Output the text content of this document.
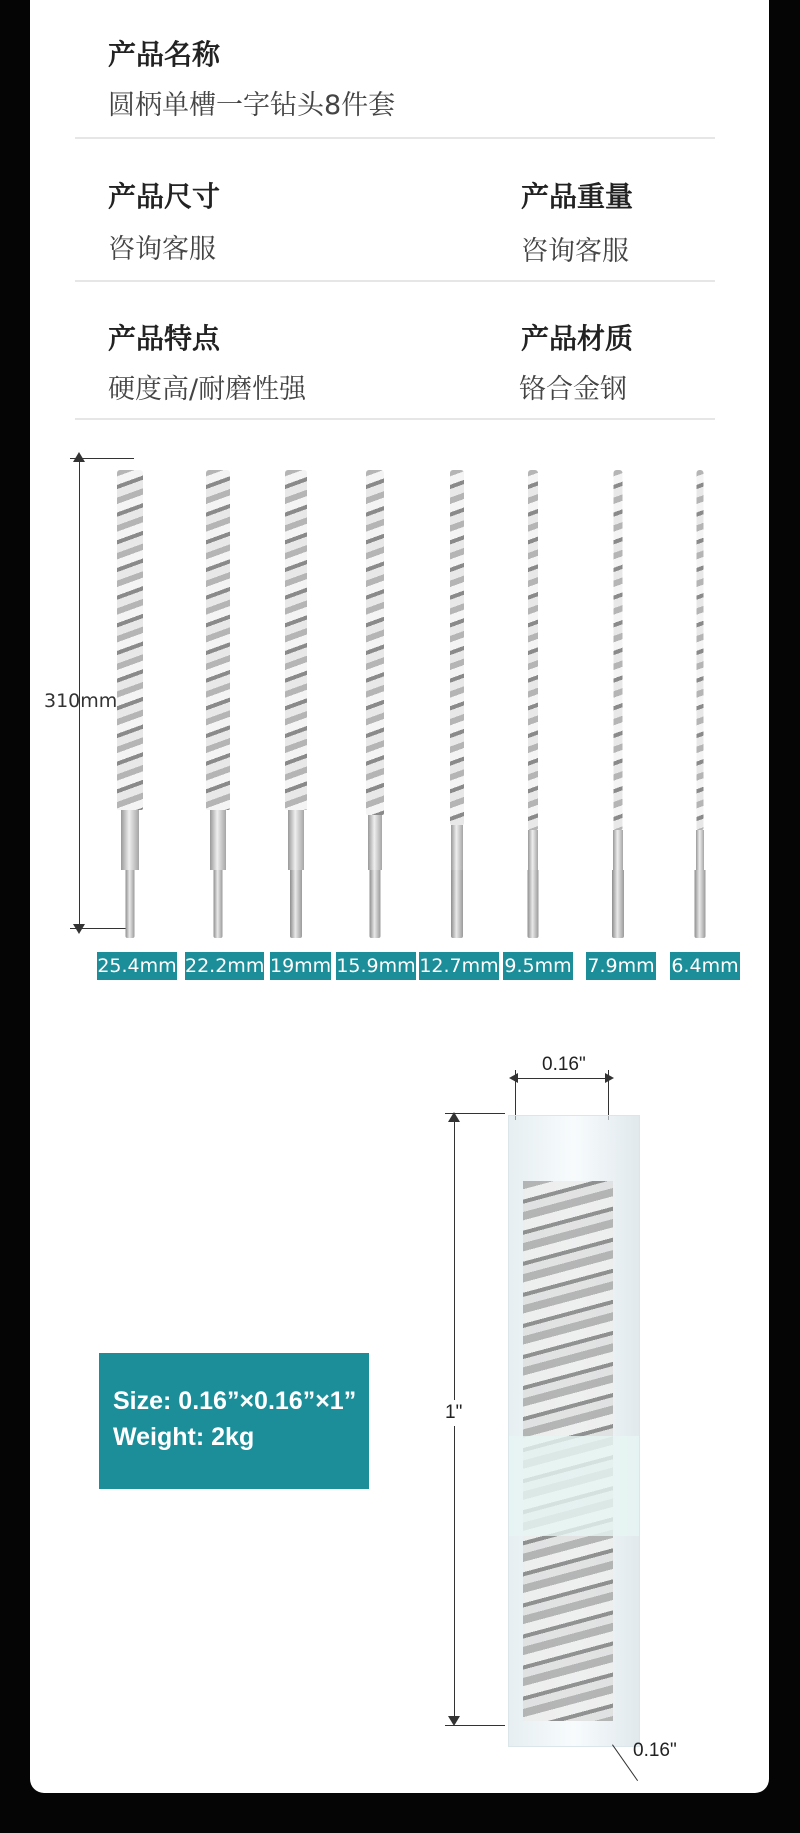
产品名称
圆柄单槽一字钻头8件套
产品尺寸
咨询客服
产品重量
咨询客服
产品特点
硬度高/耐磨性强
产品材质
铬合金钢
310mm
25.4mm 22.2mm 19mm 15.9mm 12.7mm 9.5mm 7.9mm 6.4mm
Size: 0.16”×0.16”×1”
Weight: 2kg
0.16"
1"
0.16"
